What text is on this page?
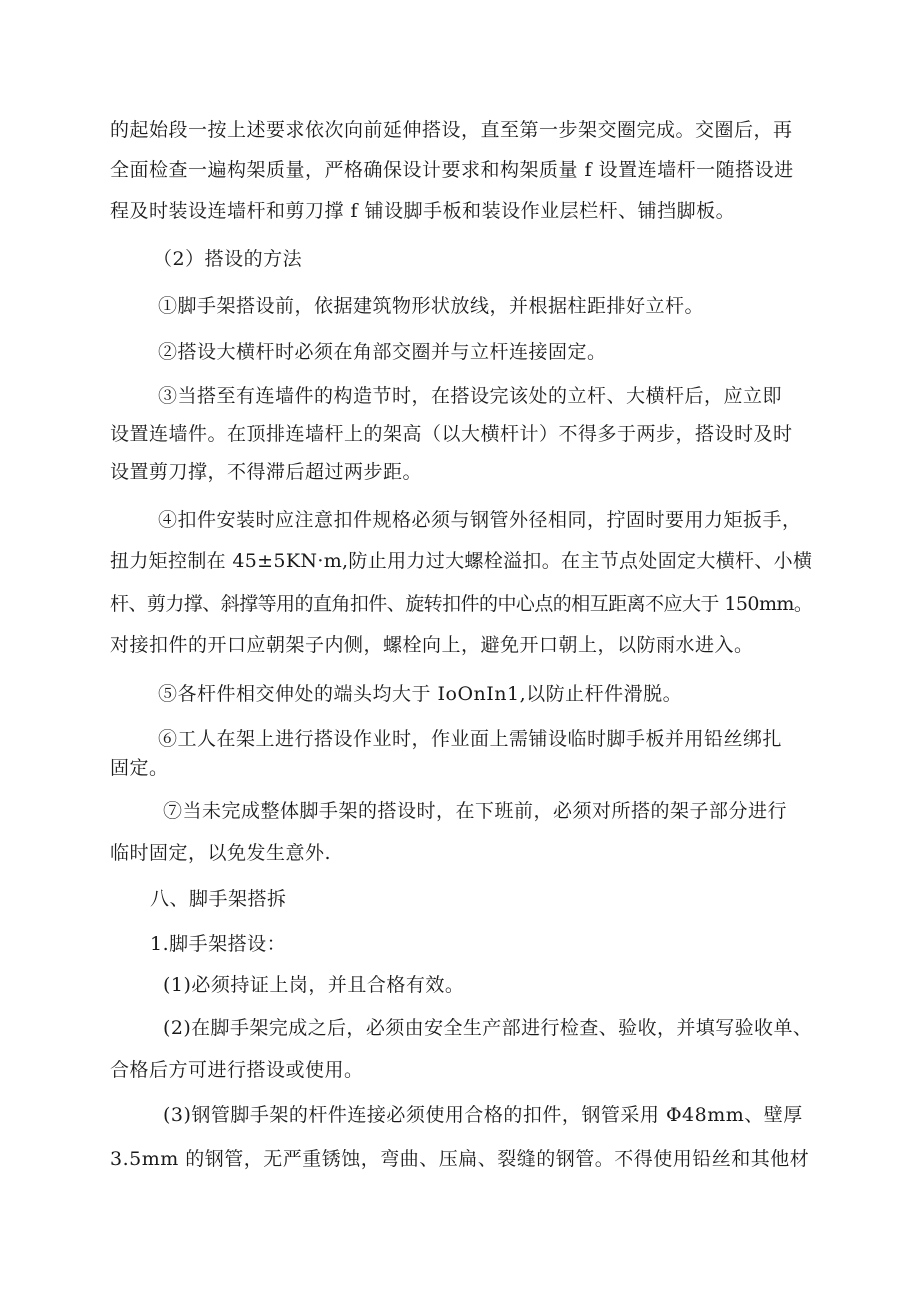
的起始段一按上述要求依次向前延伸搭设，直至第一步架交圈完成。交圈后，再
全面检查一遍构架质量，严格确保设计要求和构架质量 f 设置连墙杆一随搭设进
程及时装设连墙杆和剪刀撑 f 铺设脚手板和装设作业层栏杆、铺挡脚板。
（2）搭设的方法
①脚手架搭设前，依据建筑物形状放线，并根据柱距排好立杆。
②搭设大横杆时必须在角部交圈并与立杆连接固定。
③当搭至有连墙件的构造节时，在搭设完该处的立杆、大横杆后，应立即
设置连墙件。在顶排连墙杆上的架高（以大横杆计）不得多于两步，搭设时及时
设置剪刀撑，不得滞后超过两步距。
④扣件安装时应注意扣件规格必须与钢管外径相同，拧固时要用力矩扳手，
扭力矩控制在 45±5KN·m,防止用力过大螺栓溢扣。在主节点处固定大横杆、小横
杆、剪力撑、斜撑等用的直角扣件、旋转扣件的中心点的相互距离不应大于 150mm。
对接扣件的开口应朝架子内侧，螺栓向上，避免开口朝上，以防雨水进入。
⑤各杆件相交伸处的端头均大于 IoOnIn1,以防止杆件滑脱。
⑥工人在架上进行搭设作业时，作业面上需铺设临时脚手板并用铅丝绑扎
固定。
⑦当未完成整体脚手架的搭设时，在下班前，必须对所搭的架子部分进行
临时固定，以免发生意外.
八、脚手架搭拆
1.脚手架搭设：
(1)必须持证上岗，并且合格有效。
(2)在脚手架完成之后，必须由安全生产部进行检查、验收，并填写验收单、
合格后方可进行搭设或使用。
(3)钢管脚手架的杆件连接必须使用合格的扣件，钢管采用 Φ48mm、壁厚
3.5mm 的钢管，无严重锈蚀，弯曲、压扁、裂缝的钢管。不得使用铅丝和其他材
